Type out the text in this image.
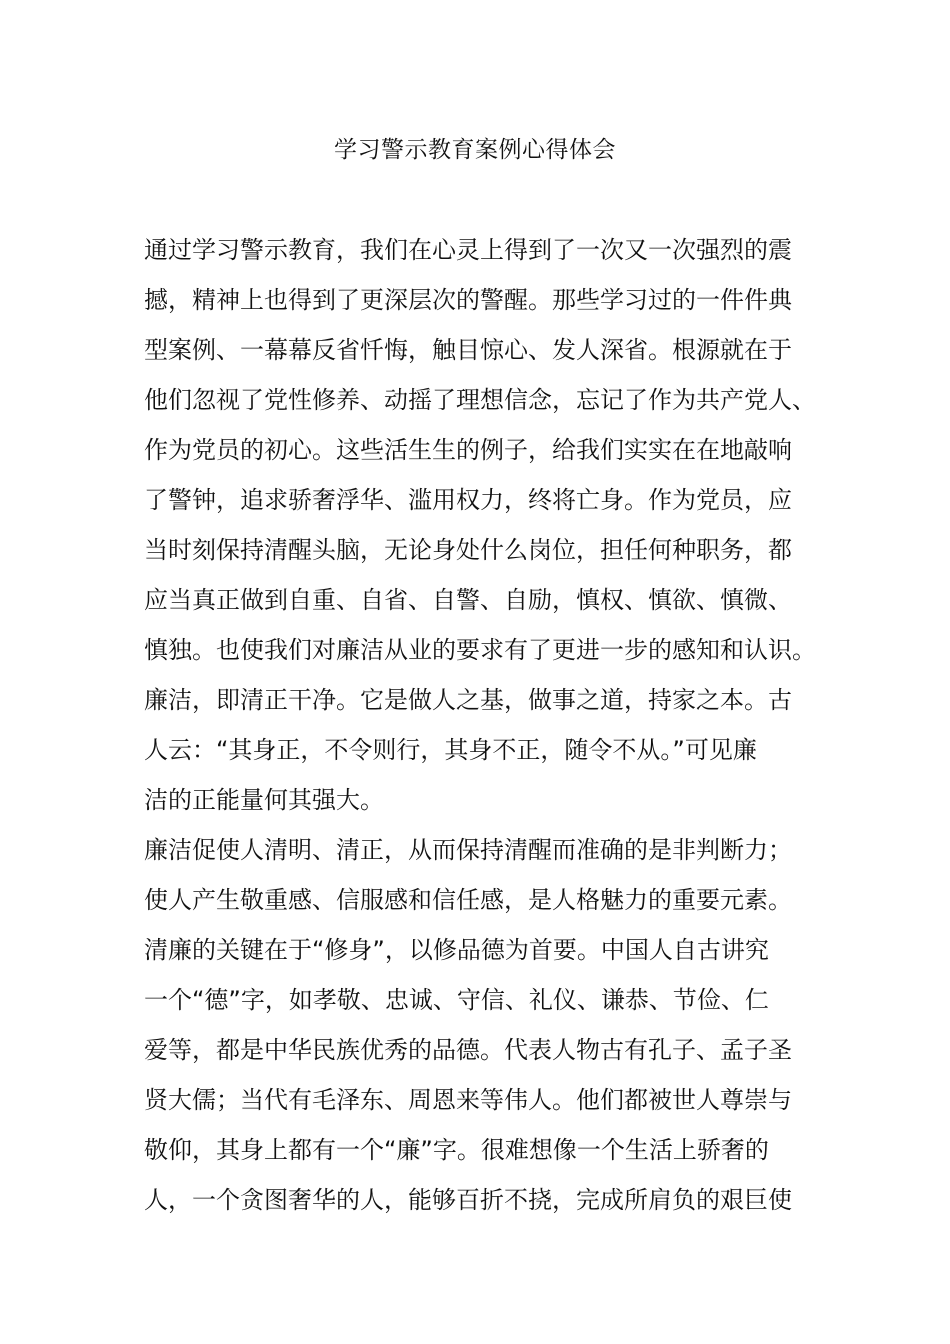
学习警示教育案例心得体会
通过学习警示教育，我们在心灵上得到了一次又一次强烈的震
撼，精神上也得到了更深层次的警醒。那些学习过的一件件典
型案例、一幕幕反省忏悔，触目惊心、发人深省。根源就在于
他们忽视了党性修养、动摇了理想信念，忘记了作为共产党人、
作为党员的初心。这些活生生的例子，给我们实实在在地敲响
了警钟，追求骄奢浮华、滥用权力，终将亡身。作为党员，应
当时刻保持清醒头脑，无论身处什么岗位，担任何种职务，都
应当真正做到自重、自省、自警、自励，慎权、慎欲、慎微、
慎独。也使我们对廉洁从业的要求有了更进一步的感知和认识。
廉洁，即清正干净。它是做人之基，做事之道，持家之本。古
人云：“其身正，不令则行，其身不正，随令不从。”可见廉
洁的正能量何其强大。
廉洁促使人清明、清正，从而保持清醒而准确的是非判断力；
使人产生敬重感、信服感和信任感，是人格魅力的重要元素。
清廉的关键在于“修身”，以修品德为首要。中国人自古讲究
一个“德”字，如孝敬、忠诚、守信、礼仪、谦恭、节俭、仁
爱等，都是中华民族优秀的品德。代表人物古有孔子、孟子圣
贤大儒；当代有毛泽东、周恩来等伟人。他们都被世人尊崇与
敬仰，其身上都有一个“廉”字。很难想像一个生活上骄奢的
人，一个贪图奢华的人，能够百折不挠，完成所肩负的艰巨使
